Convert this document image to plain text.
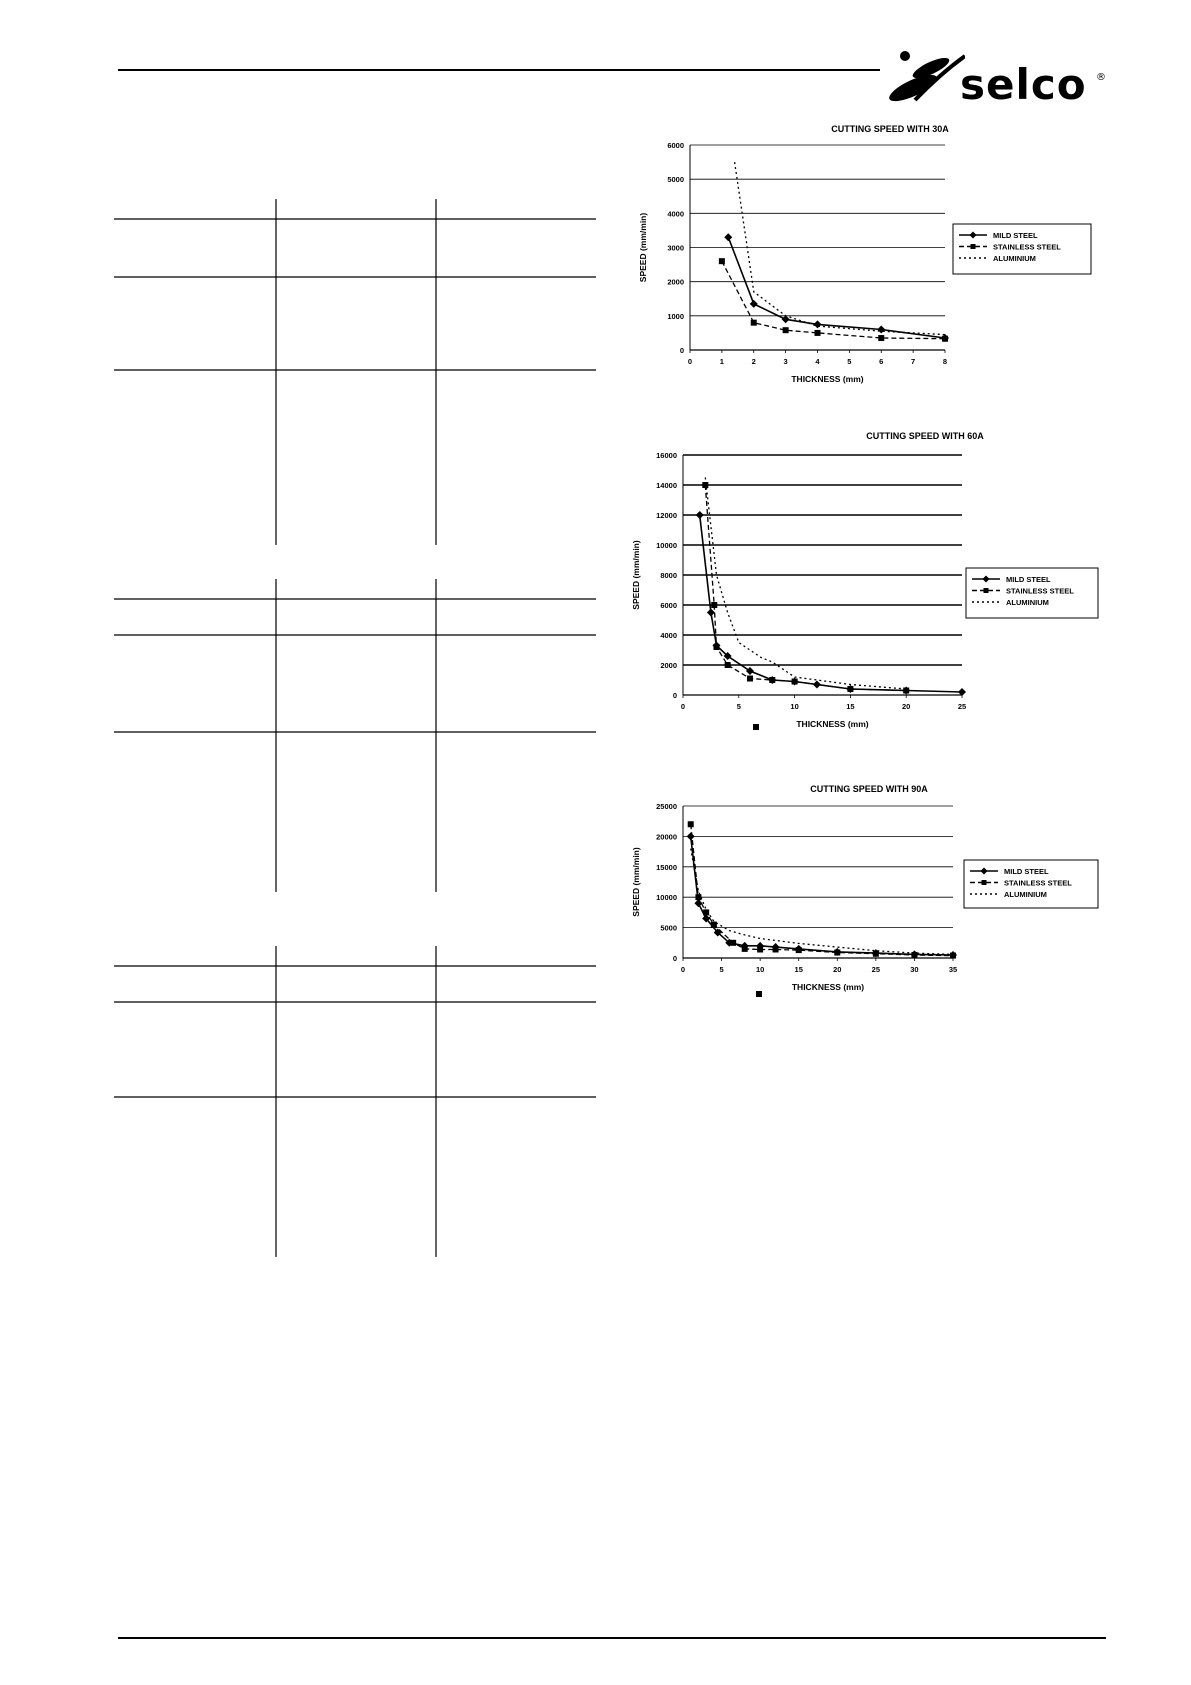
selco ®
CUTTING SPEED WITH 30A
0
1000
2000
3000
4000
5000
6000
0	1	2	3	4	5	6	7	8
THICKNESS (mm)
SPEED (mm/min)	MILD STEEL
STAINLESS STEEL
ALUMINIUM
CUTTING SPEED WITH 60A
0
2000
4000
6000
8000
10000
12000
14000
16000
0	5	10	15	20	25
THICKNESS (mm)
SPEED (mm/min)	MILD STEEL
STAINLESS STEEL
ALUMINIUM
CUTTING SPEED WITH 90A
0
5000
10000
15000
20000
25000
0	5	10	15	20	25	30	35
THICKNESS (mm)
SPEED (mm/min)	MILD STEEL
STAINLESS STEEL
ALUMINIUM
